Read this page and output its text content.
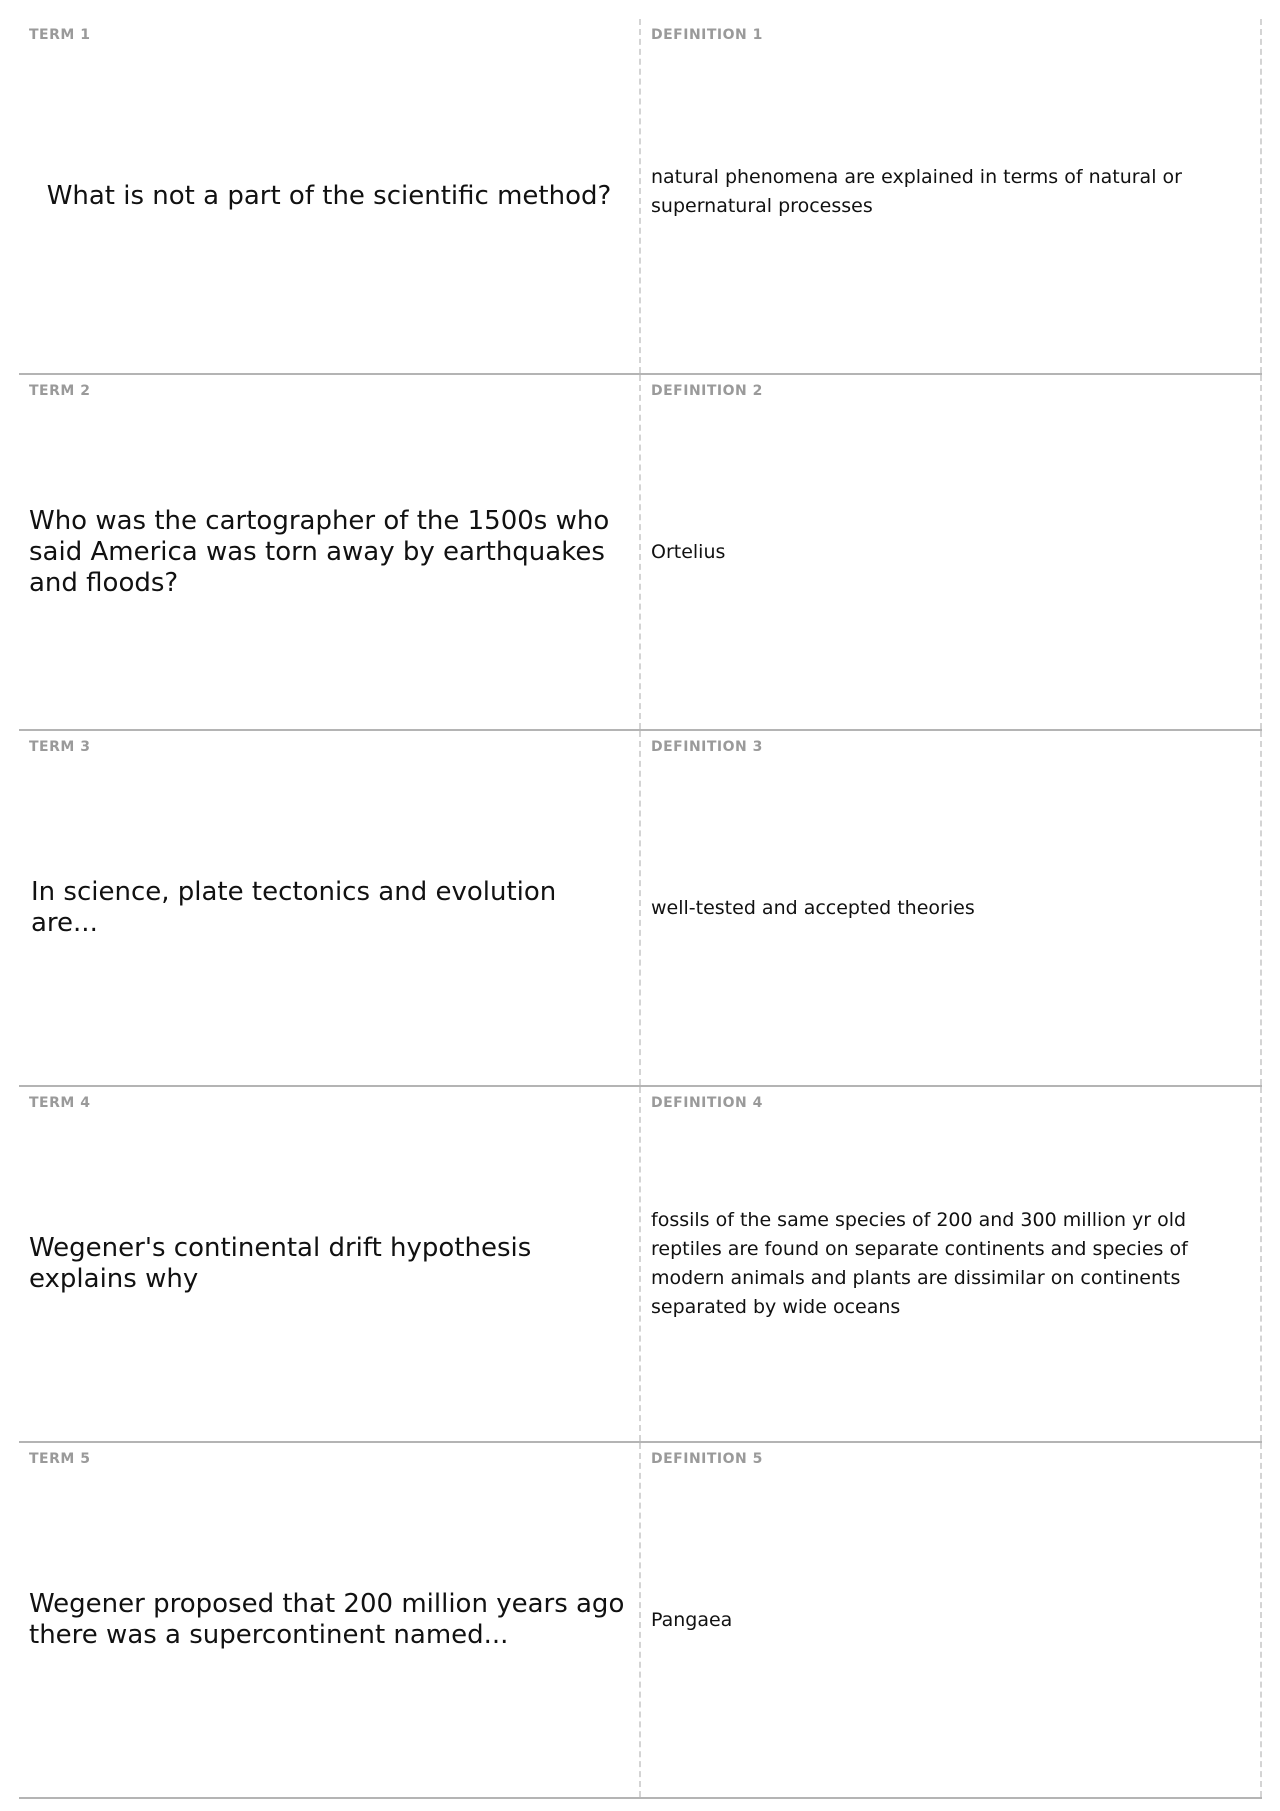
TERM 1
What is not a part of the scientific method?
DEFINITION 1
natural phenomena are explained in terms of natural or supernatural processes
TERM 2
Who was the cartographer of the 1500s who said America was torn away by earthquakes and floods?
DEFINITION 2
Ortelius
TERM 3
In science, plate tectonics and evolution are...
DEFINITION 3
well-tested and accepted theories
TERM 4
Wegener's continental drift hypothesis explains why
DEFINITION 4
fossils of the same species of 200 and 300 million yr old reptiles are found on separate continents and species of modern animals and plants are dissimilar on continents separated by wide oceans
TERM 5
Wegener proposed that 200 million years ago there was a supercontinent named...
DEFINITION 5
Pangaea
